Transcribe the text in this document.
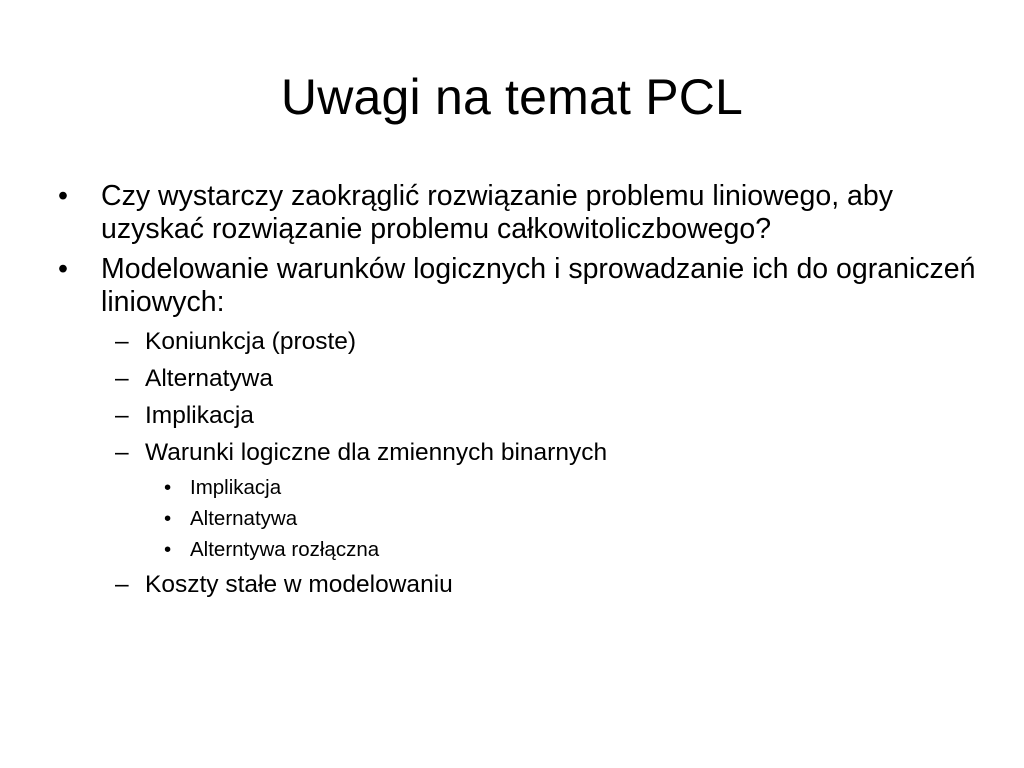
Uwagi na temat PCL
•	Czy wystarczy zaokrąglić rozwiązanie problemu liniowego, aby uzyskać rozwiązanie problemu całkowitoliczbowego?
•	Modelowanie warunków logicznych i sprowadzanie ich do ograniczeń liniowych:
– Koniunkcja (proste)
– Alternatywa
– Implikacja
– Warunki logiczne dla zmiennych binarnych
• Implikacja
• Alternatywa
• Alterntywa rozłączna
– Koszty stałe w modelowaniu
